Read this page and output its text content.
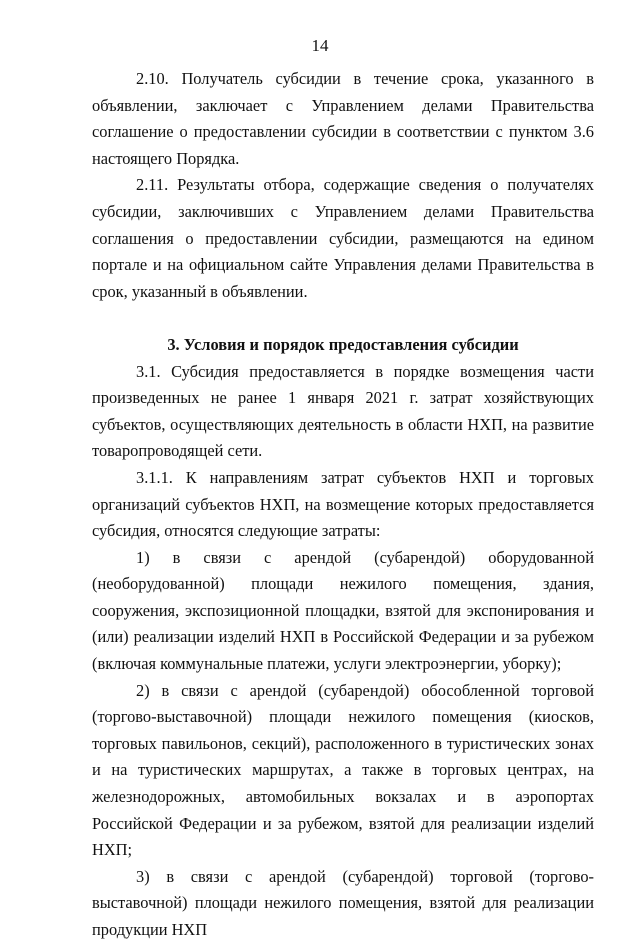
14

2.10. Получатель субсидии в течение срока, указанного в объявлении, заключает с Управлением делами Правительства соглашение о предоставлении субсидии в соответствии с пунктом 3.6 настоящего Порядка.

2.11. Результаты отбора, содержащие сведения о получателях субсидии, заключивших с Управлением делами Правительства соглашения о предоставлении субсидии, размещаются на едином портале и на официальном сайте Управления делами Правительства в срок, указанный в объявлении.

3. Условия и порядок предоставления субсидии

3.1. Субсидия предоставляется в порядке возмещения части произведенных не ранее 1 января 2021 г. затрат хозяйствующих субъектов, осуществляющих деятельность в области НХП, на развитие товаропроводящей сети.

3.1.1. К направлениям затрат субъектов НХП и торговых организаций субъектов НХП, на возмещение которых предоставляется субсидия, относятся следующие затраты:

1) в связи с арендой (субарендой) оборудованной (необорудованной) площади нежилого помещения, здания, сооружения, экспозиционной площадки, взятой для экспонирования и (или) реализации изделий НХП в Российской Федерации и за рубежом (включая коммунальные платежи, услуги электроэнергии, уборку);

2) в связи с арендой (субарендой) обособленной торговой (торгово-выставочной) площади нежилого помещения (киосков, торговых павильонов, секций), расположенного в туристических зонах и на туристических маршрутах, а также в торговых центрах, на железнодорожных, автомобильных вокзалах и в аэропортах Российской Федерации и за рубежом, взятой для реализации изделий НХП;

3) в связи с арендой (субарендой) торговой (торгово-выставочной) площади нежилого помещения, взятой для реализации продукции НХП
